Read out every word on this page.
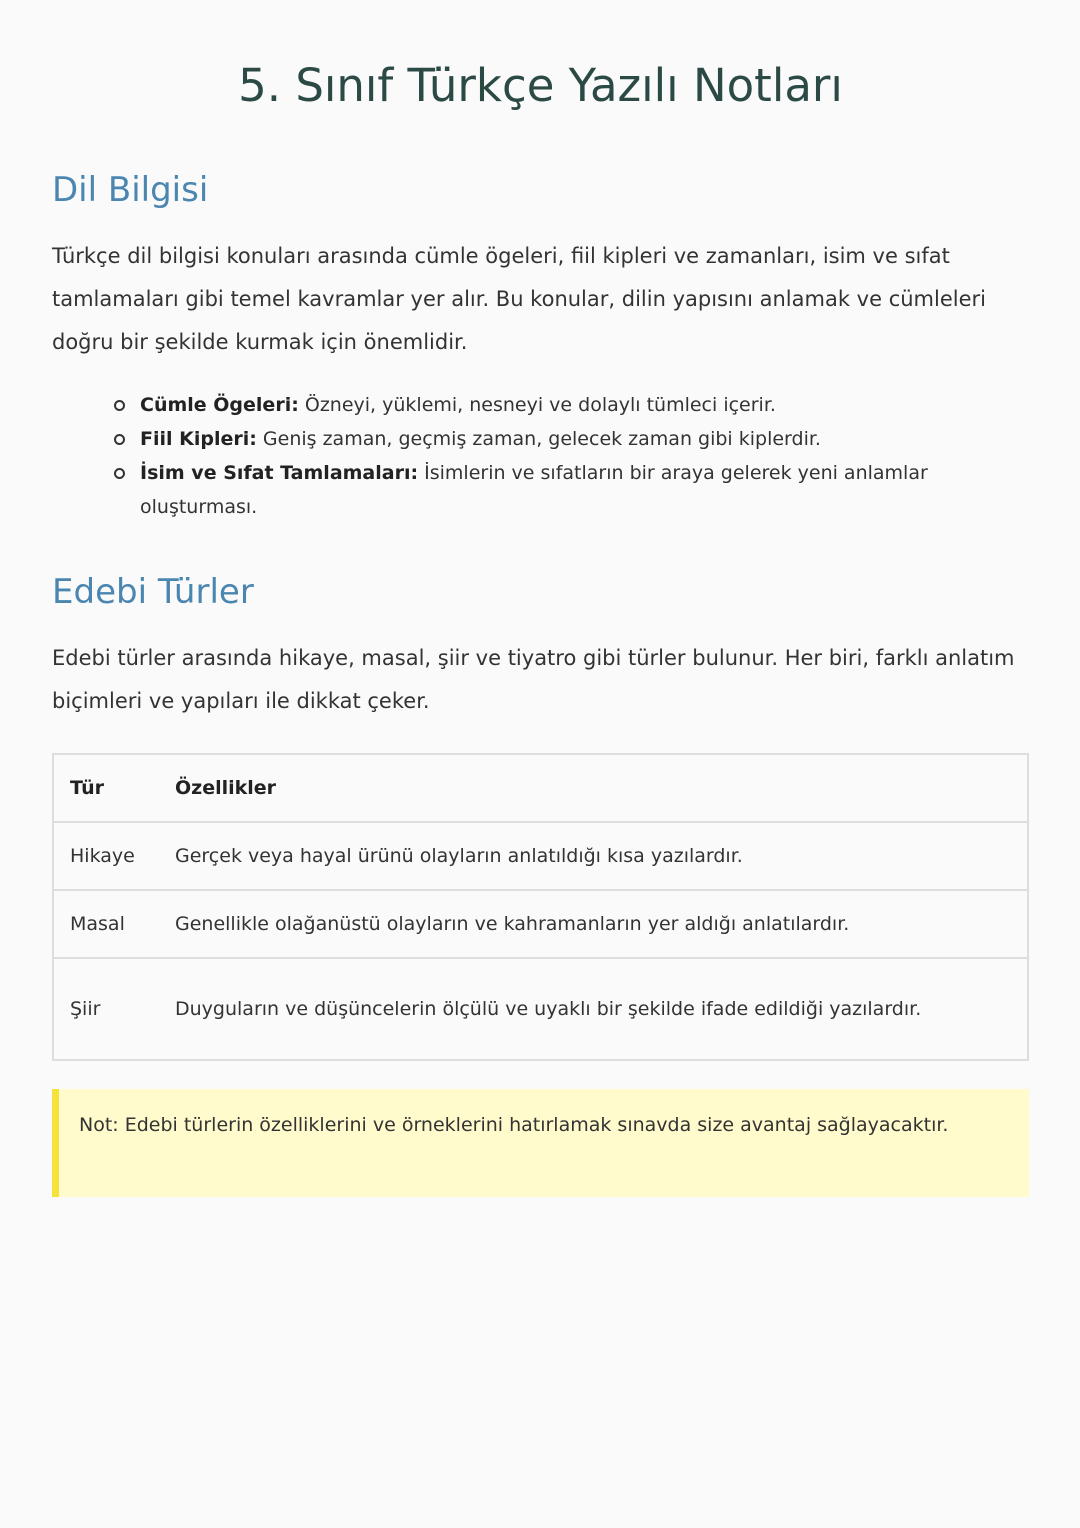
5. Sınıf Türkçe Yazılı Notları
Dil Bilgisi

Türkçe dil bilgisi konuları arasında cümle ögeleri, fiil kipleri ve zamanları, isim ve sıfat tamlamaları gibi temel kavramlar yer alır. Bu konular, dilin yapısını anlamak ve cümleleri doğru bir şekilde kurmak için önemlidir.

Cümle Ögeleri: Özneyi, yüklemi, nesneyi ve dolaylı tümleci içerir.
Fiil Kipleri: Geniş zaman, geçmiş zaman, gelecek zaman gibi kiplerdir.
İsim ve Sıfat Tamlamaları: İsimlerin ve sıfatların bir araya gelerek yeni anlamlar oluşturması.
Edebi Türler

Edebi türler arasında hikaye, masal, şiir ve tiyatro gibi türler bulunur. Her biri, farklı anlatım biçimleri ve yapıları ile dikkat çeker.

Tür	Özellikler
Hikaye	Gerçek veya hayal ürünü olayların anlatıldığı kısa yazılardır.
Masal	Genellikle olağanüstü olayların ve kahramanların yer aldığı anlatılardır.
Şiir	Duyguların ve düşüncelerin ölçülü ve uyaklı bir şekilde ifade edildiği yazılardır.
Not: Edebi türlerin özelliklerini ve örneklerini hatırlamak sınavda size avantaj sağlayacaktır.
